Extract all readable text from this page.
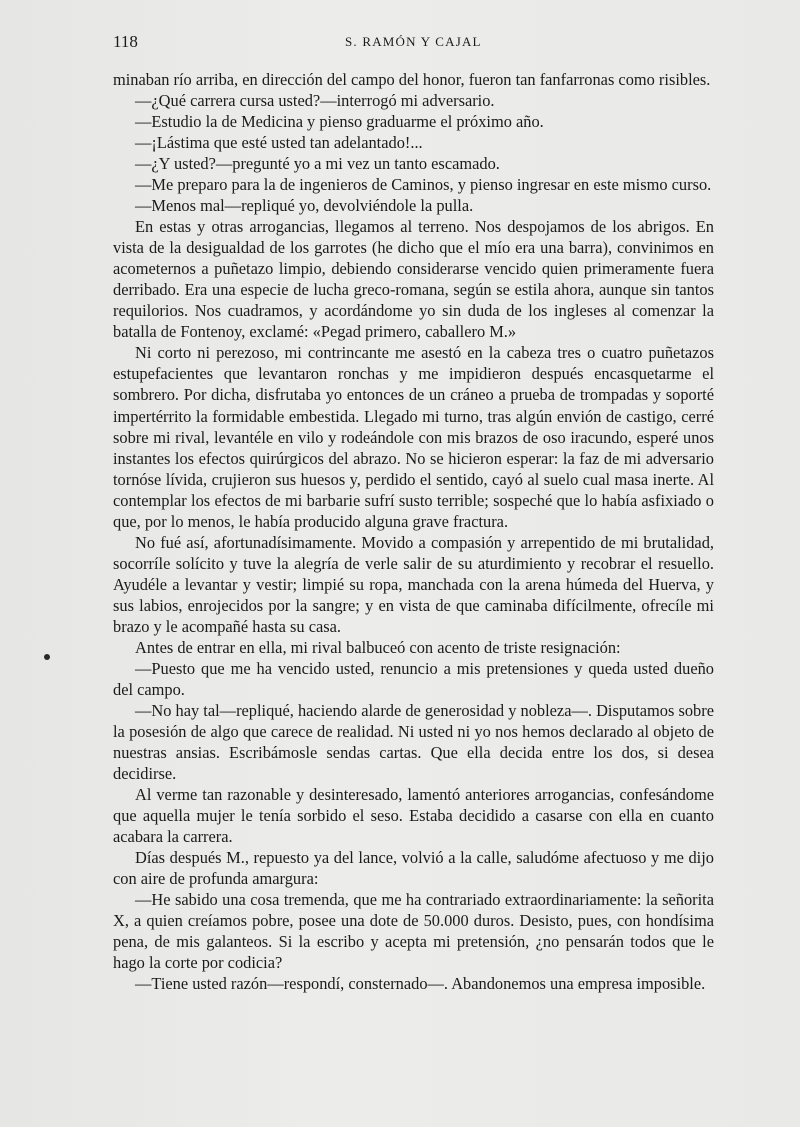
118	S. RAMÓN Y CAJAL

minaban río arriba, en dirección del campo del honor, fueron tan fanfarronas como risibles.

—¿Qué carrera cursa usted?—interrogó mi adversario.

—Estudio la de Medicina y pienso graduarme el próximo año.

—¡Lástima que esté usted tan adelantado!...

—¿Y usted?—pregunté yo a mi vez un tanto escamado.

—Me preparo para la de ingenieros de Caminos, y pienso ingresar en este mismo curso.

—Menos mal—repliqué yo, devolviéndole la pulla.

En estas y otras arrogancias, llegamos al terreno. Nos despojamos de los abrigos. En vista de la desigualdad de los garrotes (he dicho que el mío era una barra), convinimos en acometernos a puñetazo limpio, debiendo considerarse vencido quien primeramente fuera derribado. Era una especie de lucha greco-romana, según se estila ahora, aunque sin tantos requilorios. Nos cuadramos, y acordándome yo sin duda de los ingleses al comenzar la batalla de Fontenoy, exclamé: «Pegad primero, caballero M.»

Ni corto ni perezoso, mi contrincante me asestó en la cabeza tres o cuatro puñetazos estupefacientes que levantaron ronchas y me impidieron después encasquetarme el sombrero. Por dicha, disfrutaba yo entonces de un cráneo a prueba de trompadas y soporté impertérrito la formidable embestida. Llegado mi turno, tras algún envión de castigo, cerré sobre mi rival, levantéle en vilo y rodeándole con mis brazos de oso iracundo, esperé unos instantes los efectos quirúrgicos del abrazo. No se hicieron esperar: la faz de mi adversario tornóse lívida, crujieron sus huesos y, perdido el sentido, cayó al suelo cual masa inerte. Al contemplar los efectos de mi barbarie sufrí susto terrible; sospeché que lo había asfixiado o que, por lo menos, le había producido alguna grave fractura.

No fué así, afortunadísimamente. Movido a compasión y arrepentido de mi brutalidad, socorríle solícito y tuve la alegría de verle salir de su aturdimiento y recobrar el resuello. Ayudéle a levantar y vestir; limpié su ropa, manchada con la arena húmeda del Huerva, y sus labios, enrojecidos por la sangre; y en vista de que caminaba difícilmente, ofrecíle mi brazo y le acompañé hasta su casa.

Antes de entrar en ella, mi rival balbuceó con acento de triste resignación:

—Puesto que me ha vencido usted, renuncio a mis pretensiones y queda usted dueño del campo.

—No hay tal—repliqué, haciendo alarde de generosidad y nobleza—. Disputamos sobre la posesión de algo que carece de realidad. Ni usted ni yo nos hemos declarado al objeto de nuestras ansias. Escribámosle sendas cartas. Que ella decida entre los dos, si desea decidirse.

Al verme tan razonable y desinteresado, lamentó anteriores arrogancias, confesándome que aquella mujer le tenía sorbido el seso. Estaba decidido a casarse con ella en cuanto acabara la carrera.

Días después M., repuesto ya del lance, volvió a la calle, saludóme afectuoso y me dijo con aire de profunda amargura:

—He sabido una cosa tremenda, que me ha contrariado extraordinariamente: la señorita X, a quien creíamos pobre, posee una dote de 50.000 duros. Desisto, pues, con hondísima pena, de mis galanteos. Si la escribo y acepta mi pretensión, ¿no pensarán todos que le hago la corte por codicia?

—Tiene usted razón—respondí, consternado—. Abandonemos una empresa imposible.
